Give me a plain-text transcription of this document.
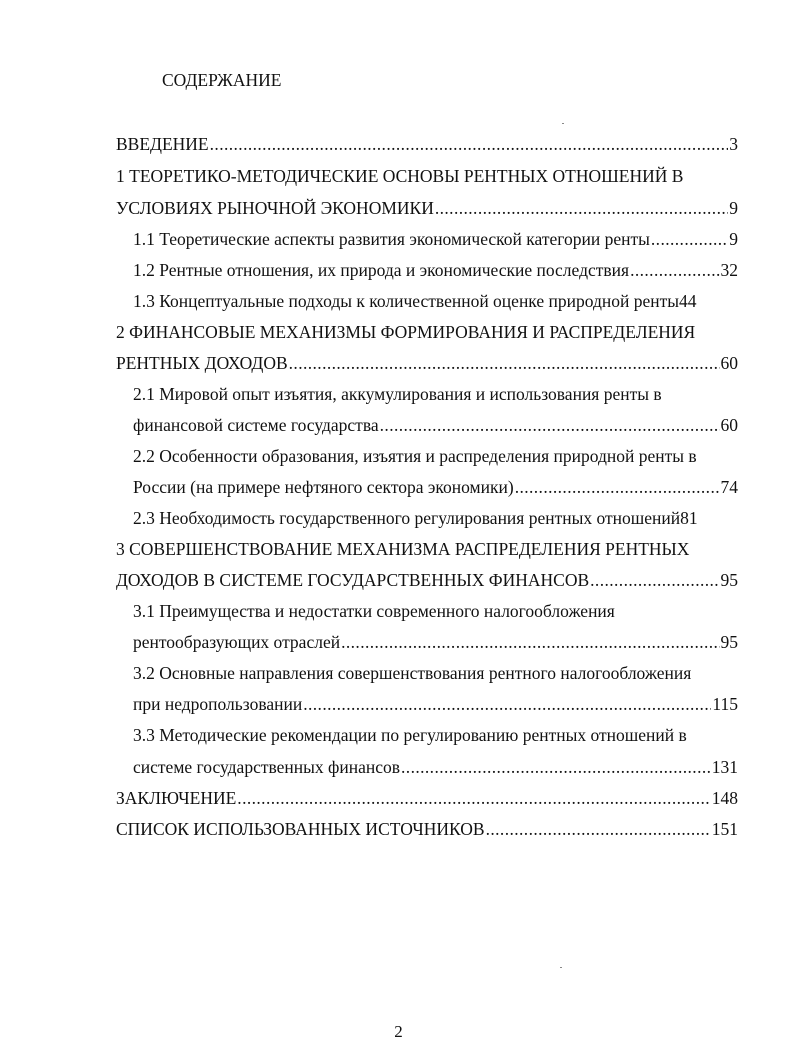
СОДЕРЖАНИЕ
ВВЕДЕНИЕ .....	3
1 ТЕОРЕТИКО-МЕТОДИЧЕСКИЕ ОСНОВЫ РЕНТНЫХ ОТНОШЕНИЙ В
УСЛОВИЯХ РЫНОЧНОЙ ЭКОНОМИКИ .....	9
1.1 Теоретические аспекты развития экономической категории ренты .....	9
1.2 Рентные отношения, их природа и экономические последствия .....	32
1.3 Концептуальные подходы к количественной оценке природной ренты 44
2 ФИНАНСОВЫЕ МЕХАНИЗМЫ ФОРМИРОВАНИЯ И РАСПРЕДЕЛЕНИЯ
РЕНТНЫХ ДОХОДОВ .....	60
2.1 Мировой опыт изъятия, аккумулирования и использования ренты в
финансовой системе государства .....	60
2.2 Особенности образования, изъятия и распределения природной ренты в
России (на примере нефтяного сектора экономики) .....	74
2.3 Необходимость государственного регулирования рентных отношений 81
3 СОВЕРШЕНСТВОВАНИЕ МЕХАНИЗМА РАСПРЕДЕЛЕНИЯ РЕНТНЫХ
ДОХОДОВ В СИСТЕМЕ ГОСУДАРСТВЕННЫХ ФИНАНСОВ .....	95
3.1 Преимущества и недостатки современного налогообложения
рентообразующих отраслей .....	95
3.2 Основные направления совершенствования рентного налогообложения
при недропользовании .....	115
3.3 Методические рекомендации по регулированию рентных отношений в
системе государственных финансов .....	131
ЗАКЛЮЧЕНИЕ .....	148
СПИСОК ИСПОЛЬЗОВАННЫХ ИСТОЧНИКОВ .....	151
2
